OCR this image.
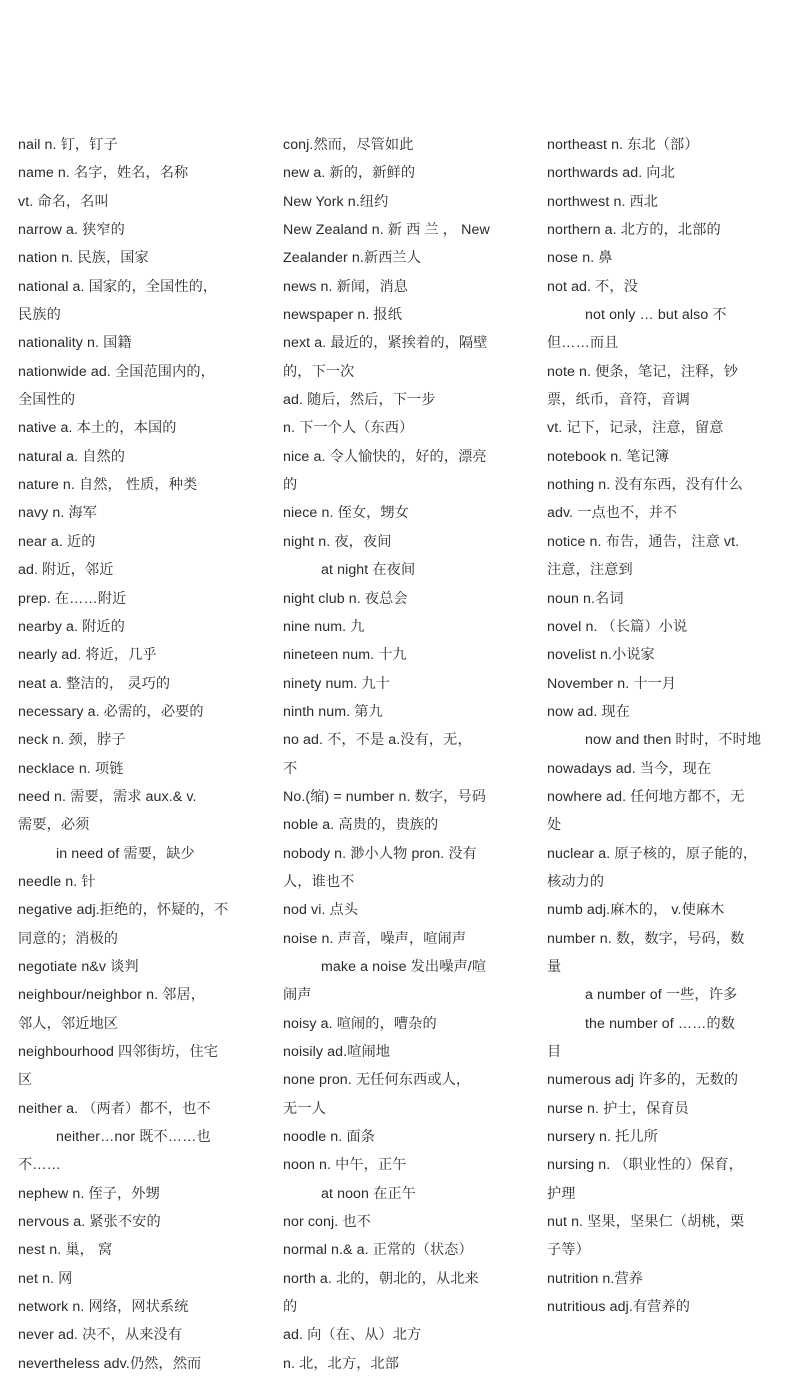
nail n. 钉，钉子
name n. 名字，姓名，名称
vt. 命名，名叫
narrow a. 狭窄的
nation n. 民族，国家
national a. 国家的，全国性的，
民族的
nationality n. 国籍
nationwide ad. 全国范围内的，
全国性的
native a. 本土的，本国的
natural a. 自然的
nature n. 自然， 性质，种类
navy n. 海军
near a. 近的
ad. 附近，邻近
prep. 在……附近
nearby a. 附近的
nearly ad. 将近，几乎
neat a. 整洁的， 灵巧的
necessary a. 必需的，必要的
neck n. 颈，脖子
necklace n. 项链
need n. 需要，需求 aux.& v.
需要，必须
in need of 需要，缺少
needle n. 针
negative adj.拒绝的，怀疑的，不
同意的；消极的
negotiate n&v 谈判
neighbour/neighbor n. 邻居，
邻人，邻近地区
neighbourhood 四邻街坊，住宅
区
neither a. （两者）都不，也不
neither…nor 既不……也
不……
nephew n. 侄子，外甥
nervous a. 紧张不安的
nest n. 巢， 窝
net n. 网
network n. 网络，网状系统
never ad. 决不，从来没有
nevertheless adv.仍然，然而
conj.然而，尽管如此
new a. 新的，新鲜的
New York n.纽约
New Zealand n. 新 西 兰 ， New
Zealander n.新西兰人
news n. 新闻，消息
newspaper n. 报纸
next a. 最近的，紧挨着的，隔壁
的，下一次
ad. 随后，然后，下一步
n. 下一个人（东西）
nice a. 令人愉快的，好的，漂亮
的
niece n. 侄女，甥女
night n. 夜，夜间
at night 在夜间
night club n. 夜总会
nine num. 九
nineteen num. 十九
ninety num. 九十
ninth num. 第九
no ad. 不，不是 a.没有，无，
不
No.(缩) = number n. 数字，号码
noble a. 高贵的，贵族的
nobody n. 渺小人物 pron. 没有
人，谁也不
nod vi. 点头
noise n. 声音，噪声，喧闹声
make a noise 发出噪声/喧
闹声
noisy a. 喧闹的，嘈杂的
noisily ad.喧闹地
none pron. 无任何东西或人，
无一人
noodle n. 面条
noon n. 中午，正午
at noon 在正午
nor conj. 也不
normal n.& a. 正常的（状态）
north a. 北的，朝北的，从北来
的
ad. 向（在、从）北方
n. 北，北方，北部
northeast n. 东北（部）
northwards ad. 向北
northwest n. 西北
northern a. 北方的，北部的
nose n. 鼻
not ad. 不，没
not only … but also 不
但……而且
note n. 便条，笔记，注释，钞
票，纸币，音符，音调
vt. 记下，记录，注意，留意
notebook n. 笔记簿
nothing n. 没有东西，没有什么
adv. 一点也不，并不
notice n. 布告，通告，注意 vt.
注意，注意到
noun n.名词
novel n. （长篇）小说
novelist n.小说家
November n. 十一月
now ad. 现在
now and then 时时，不时地
nowadays ad. 当今，现在
nowhere ad. 任何地方都不，无
处
nuclear a. 原子核的，原子能的，
核动力的
numb adj.麻木的， v.使麻木
number n. 数，数字，号码，数
量
a number of 一些，许多
the number of ……的数
目
numerous adj 许多的，无数的
nurse n. 护士，保育员
nursery n. 托儿所
nursing n. （职业性的）保育，
护理
nut n. 坚果，坚果仁（胡桃，栗
子等）
nutrition n.营养
nutritious adj.有营养的
